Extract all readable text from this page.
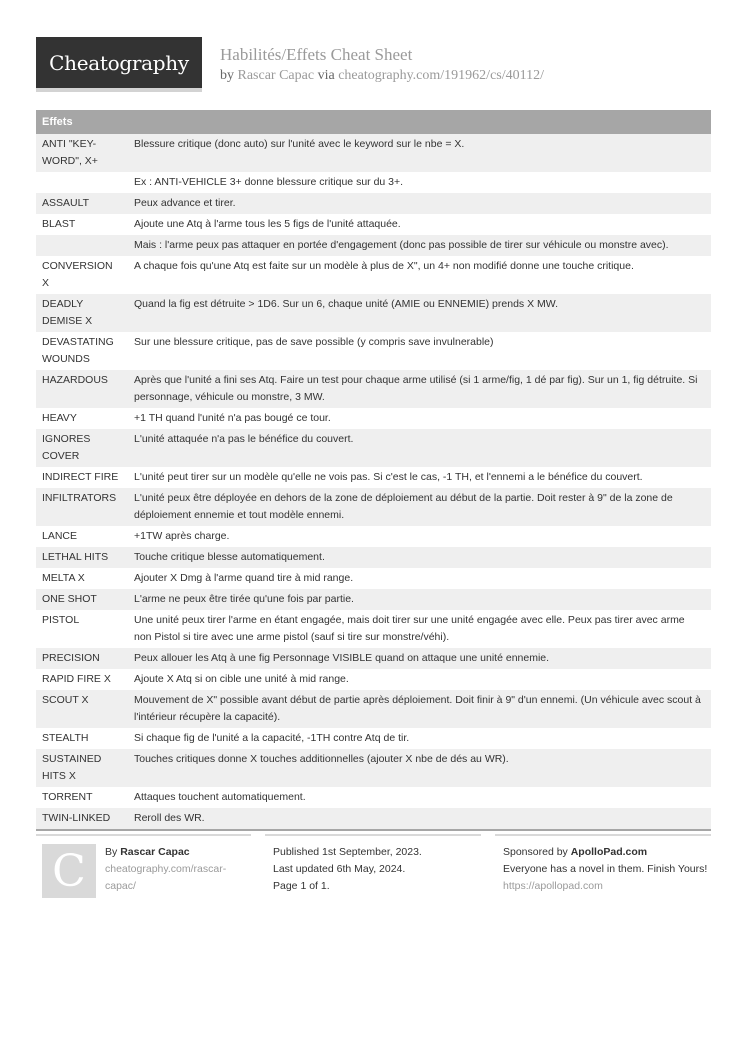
Cheatography Habilités/Effets Cheat Sheet
by Rascar Capac via cheatography.com/191962/cs/40112/
Effets
ANTI "KEY-WORD", X+	Blessure critique (donc auto) sur l'unité avec le keyword sur le nbe = X.
	Ex : ANTI-VEHICLE 3+ donne blessure critique sur du 3+.
ASSAULT	Peux advance et tirer.
BLAST	Ajoute une Atq à l'arme tous les 5 figs de l'unité attaquée.
	Mais : l'arme peux pas attaquer en portée d'engagement (donc pas possible de tirer sur véhicule ou monstre avec).
CONVERSION X	A chaque fois qu'une Atq est faite sur un modèle à plus de X", un 4+ non modifié donne une touche critique.
DEADLY DEMISE X	Quand la fig est détruite > 1D6. Sur un 6, chaque unité (AMIE ou ENNEMIE) prends X MW.
DEVASTATING WOUNDS	Sur une blessure critique, pas de save possible (y compris save invulnerable)
HAZARDOUS	Après que l'unité a fini ses Atq. Faire un test pour chaque arme utilisé (si 1 arme/fig, 1 dé par fig). Sur un 1, fig détruite. Si personnage, véhicule ou monstre, 3 MW.
HEAVY	+1 TH quand l'unité n'a pas bougé ce tour.
IGNORES COVER	L'unité attaquée n'a pas le bénéfice du couvert.
INDIRECT FIRE	L'unité peut tirer sur un modèle qu'elle ne vois pas. Si c'est le cas, -1 TH, et l'ennemi a le bénéfice du couvert.
INFILTRATORS	L'unité peux être déployée en dehors de la zone de déploiement au début de la partie. Doit rester à 9" de la zone de déploiement ennemie et tout modèle ennemi.
LANCE	+1TW après charge.
LETHAL HITS	Touche critique blesse automatiquement.
MELTA X	Ajouter X Dmg à l'arme quand tire à mid range.
ONE SHOT	L'arme ne peux être tirée qu'une fois par partie.
PISTOL	Une unité peux tirer l'arme en étant engagée, mais doit tirer sur une unité engagée avec elle. Peux pas tirer avec arme non Pistol si tire avec une arme pistol (sauf si tire sur monstre/véhi).
PRECISION	Peux allouer les Atq à une fig Personnage VISIBLE quand on attaque une unité ennemie.
RAPID FIRE X	Ajoute X Atq si on cible une unité à mid range.
SCOUT X	Mouvement de X" possible avant début de partie après déploiement. Doit finir à 9" d'un ennemi. (Un véhicule avec scout à l'intérieur récupère la capacité).
STEALTH	Si chaque fig de l'unité a la capacité, -1TH contre Atq de tir.
SUSTAINED HITS X	Touches critiques donne X touches additionnelles (ajouter X nbe de dés au WR).
TORRENT	Attaques touchent automatiquement.
TWIN-LINKED	Reroll des WR.
C By Rascar Capac
cheatography.com/rascar-capac/
Published 1st September, 2023.
Last updated 6th May, 2024.
Page 1 of 1.
Sponsored by ApolloPad.com
Everyone has a novel in them. Finish Yours!
https://apollopad.com
